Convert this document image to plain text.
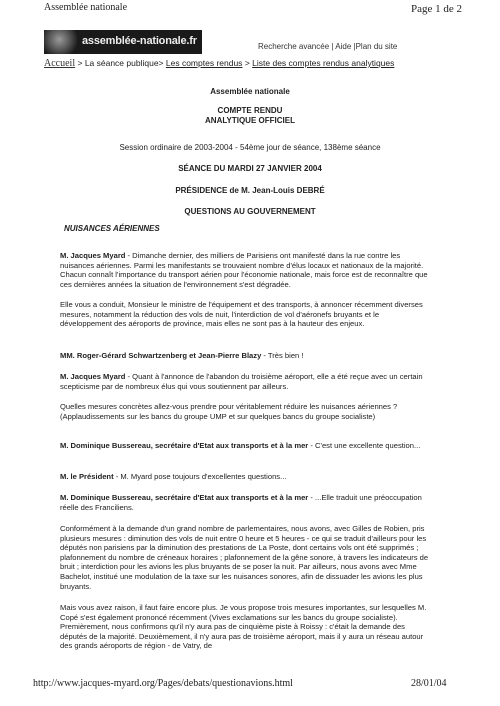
Assemblée nationale	Page 1 de 2
assemblée-nationale.fr	Recherche avancée | Aide |Plan du site
Accueil > La séance publique> Les comptes rendus > Liste des comptes rendus analytiques
Assemblée nationale
COMPTE RENDU
ANALYTIQUE OFFICIEL
Session ordinaire de 2003-2004 - 54ème jour de séance, 138ème séance
SÉANCE DU MARDI 27 JANVIER 2004
PRÉSIDENCE de M. Jean-Louis DEBRÉ
QUESTIONS AU GOUVERNEMENT
NUISANCES AÉRIENNES
M. Jacques Myard - Dimanche dernier, des milliers de Parisiens ont manifesté dans la rue contre les nuisances aériennes. Parmi les manifestants se trouvaient nombre d'élus locaux et nationaux de la majorité. Chacun connaît l'importance du transport aérien pour l'économie nationale, mais force est de reconnaître que ces dernières années la situation de l'environnement s'est dégradée.
Elle vous a conduit, Monsieur le ministre de l'équipement et des transports, à annoncer récemment diverses mesures, notamment la réduction des vols de nuit, l'interdiction de vol d'aéronefs bruyants et le développement des aéroports de province, mais elles ne sont pas à la hauteur des enjeux.
MM. Roger-Gérard Schwartzenberg et Jean-Pierre Blazy - Très bien !
M. Jacques Myard - Quant à l'annonce de l'abandon du troisième aéroport, elle a été reçue avec un certain scepticisme par de nombreux élus qui vous soutiennent par ailleurs.
Quelles mesures concrètes allez-vous prendre pour véritablement réduire les nuisances aériennes ? (Applaudissements sur les bancs du groupe UMP et sur quelques bancs du groupe socialiste)
M. Dominique Bussereau, secrétaire d'Etat aux transports et à la mer - C'est une excellente question...
M. le Président - M. Myard pose toujours d'excellentes questions...
M. Dominique Bussereau, secrétaire d'Etat aux transports et à la mer - ...Elle traduit une préoccupation réelle des Franciliens.
Conformément à la demande d'un grand nombre de parlementaires, nous avons, avec Gilles de Robien, pris plusieurs mesures : diminution des vols de nuit entre 0 heure et 5 heures - ce qui se traduit d'ailleurs pour les députés non parisiens par la diminution des prestations de La Poste, dont certains vols ont été supprimés ; plafonnement du nombre de créneaux horaires ; plafonnement de la gêne sonore, à travers les indicateurs de bruit ; interdiction pour les avions les plus bruyants de se poser la nuit. Par ailleurs, nous avons avec Mme Bachelot, institué une modulation de la taxe sur les nuisances sonores, afin de dissuader les avions les plus bruyants.
Mais vous avez raison, il faut faire encore plus. Je vous propose trois mesures importantes, sur lesquelles M. Copé s'est également prononcé récemment (Vives exclamations sur les bancs du groupe socialiste). Premièrement, nous confirmons qu'il n'y aura pas de cinquième piste à Roissy : c'était la demande des députés de la majorité. Deuxièmement, il n'y aura pas de troisième aéroport, mais il y aura un réseau autour des grands aéroports de région - de Vatry, de
http://www.jacques-myard.org/Pages/debats/questionavions.html	28/01/04
